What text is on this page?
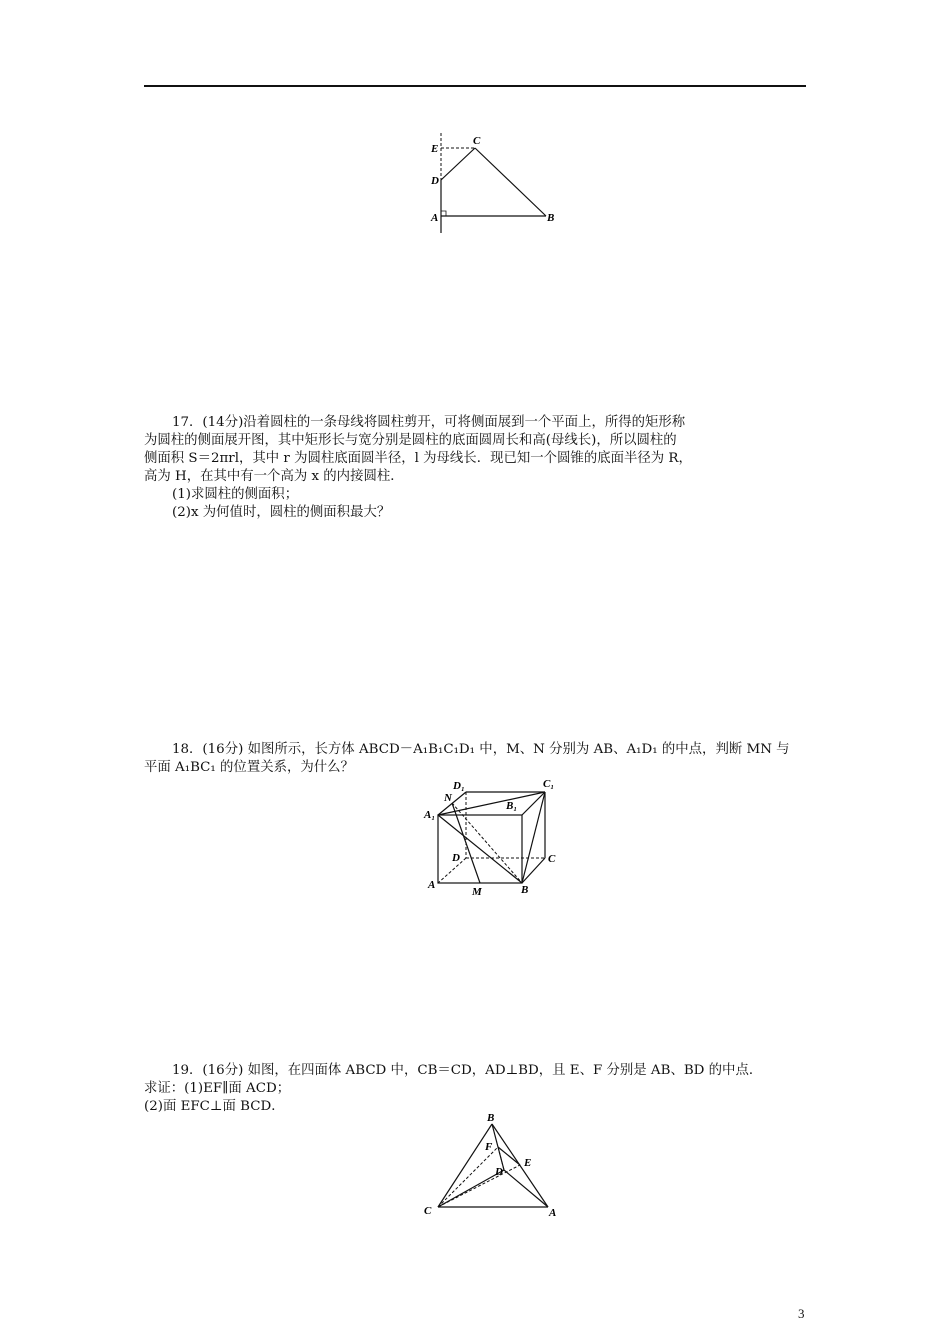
E
C
D
A	B

17．(14分)沿着圆柱的一条母线将圆柱剪开，可将侧面展到一个平面上，所得的矩形称

为圆柱的侧面展开图，其中矩形长与宽分别是圆柱的底面圆周长和高(母线长)，所以圆柱的

侧面积 S＝2πrl，其中 r 为圆柱底面圆半径，l 为母线长．现已知一个圆锥的底面半径为 R，

高为 H，在其中有一个高为 x 的内接圆柱．

(1)求圆柱的侧面积；

(2)x 为何值时，圆柱的侧面积最大？

18．(16分) 如图所示，长方体 ABCD－A₁B₁C₁D₁ 中，M、N 分别为 AB、A₁D₁ 的中点，判断 MN 与

平面 A₁BC₁ 的位置关系，为什么？

D₁	C₁
N
B₁
A₁
D	C
A
M	B

19．(16分) 如图，在四面体 ABCD 中，CB＝CD，AD⊥BD，且 E、F 分别是 AB、BD 的中点．

求证：(1)EF∥面 ACD；

(2)面 EFC⊥面 BCD．

B
F
E
D
C	A
3
